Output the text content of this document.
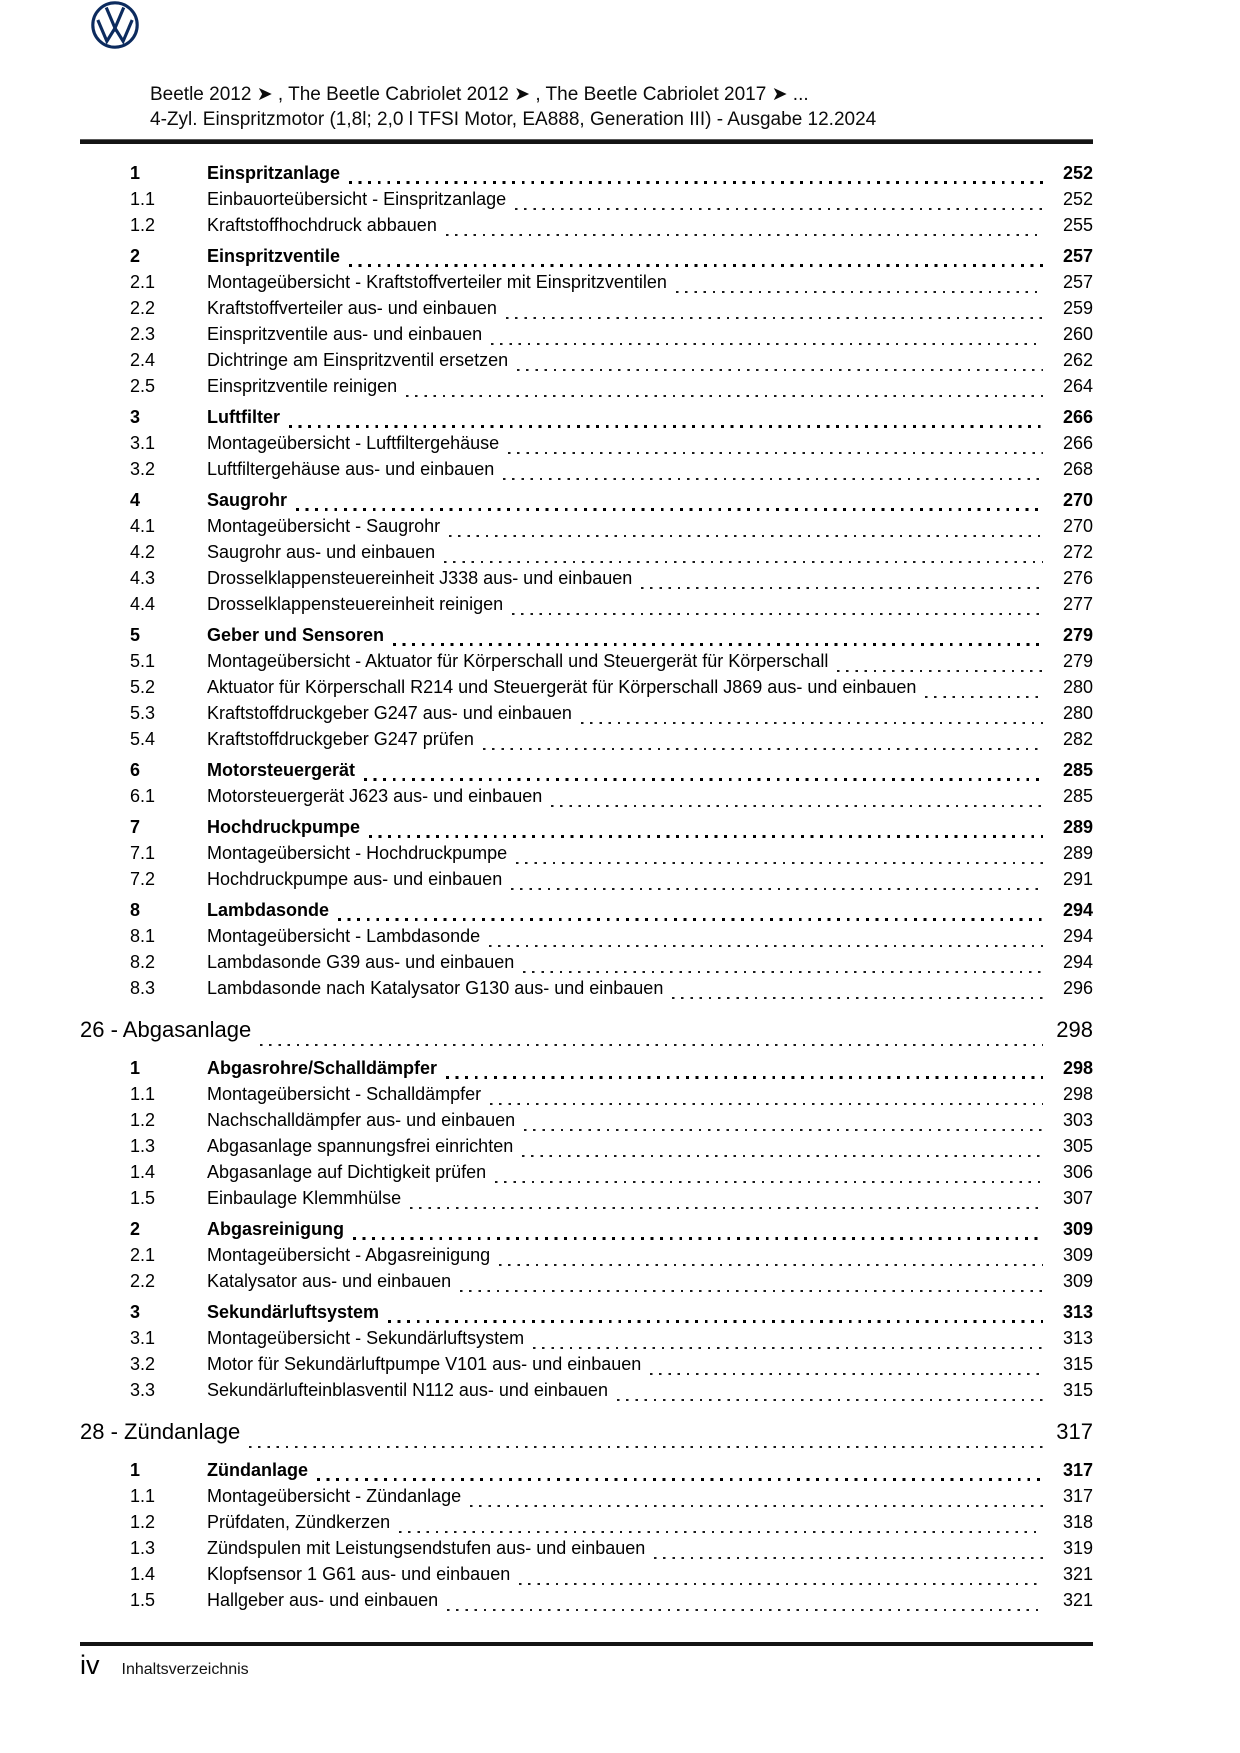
Beetle 2012 ➤ , The Beetle Cabriolet 2012 ➤ , The Beetle Cabriolet 2017 ➤ ...
4-Zyl. Einspritzmotor (1,8l; 2,0 l TFSI Motor, EA888, Generation III) - Ausgabe 12.2024
1	Einspritzanlage	252
1.1	Einbauorteübersicht - Einspritzanlage	252
1.2	Kraftstoffhochdruck abbauen	255
2	Einspritzventile	257
2.1	Montageübersicht - Kraftstoffverteiler mit Einspritzventilen	257
2.2	Kraftstoffverteiler aus- und einbauen	259
2.3	Einspritzventile aus- und einbauen	260
2.4	Dichtringe am Einspritzventil ersetzen	262
2.5	Einspritzventile reinigen	264
3	Luftfilter	266
3.1	Montageübersicht - Luftfiltergehäuse	266
3.2	Luftfiltergehäuse aus- und einbauen	268
4	Saugrohr	270
4.1	Montageübersicht - Saugrohr	270
4.2	Saugrohr aus- und einbauen	272
4.3	Drosselklappensteuereinheit J338 aus- und einbauen	276
4.4	Drosselklappensteuereinheit reinigen	277
5	Geber und Sensoren	279
5.1	Montageübersicht - Aktuator für Körperschall und Steuergerät für Körperschall	279
5.2	Aktuator für Körperschall R214 und Steuergerät für Körperschall J869 aus- und einbauen	280
5.3	Kraftstoffdruckgeber G247 aus- und einbauen	280
5.4	Kraftstoffdruckgeber G247 prüfen	282
6	Motorsteuergerät	285
6.1	Motorsteuergerät J623 aus- und einbauen	285
7	Hochdruckpumpe	289
7.1	Montageübersicht - Hochdruckpumpe	289
7.2	Hochdruckpumpe aus- und einbauen	291
8	Lambdasonde	294
8.1	Montageübersicht - Lambdasonde	294
8.2	Lambdasonde G39 aus- und einbauen	294
8.3	Lambdasonde nach Katalysator G130 aus- und einbauen	296
26 - Abgasanlage	298
1	Abgasrohre/Schalldämpfer	298
1.1	Montageübersicht - Schalldämpfer	298
1.2	Nachschalldämpfer aus- und einbauen	303
1.3	Abgasanlage spannungsfrei einrichten	305
1.4	Abgasanlage auf Dichtigkeit prüfen	306
1.5	Einbaulage Klemmhülse	307
2	Abgasreinigung	309
2.1	Montageübersicht - Abgasreinigung	309
2.2	Katalysator aus- und einbauen	309
3	Sekundärluftsystem	313
3.1	Montageübersicht - Sekundärluftsystem	313
3.2	Motor für Sekundärluftpumpe V101 aus- und einbauen	315
3.3	Sekundärlufteinblasventil N112 aus- und einbauen	315
28 - Zündanlage	317
1	Zündanlage	317
1.1	Montageübersicht - Zündanlage	317
1.2	Prüfdaten, Zündkerzen	318
1.3	Zündspulen mit Leistungsendstufen aus- und einbauen	319
1.4	Klopfsensor 1 G61 aus- und einbauen	321
1.5	Hallgeber aus- und einbauen	321
iv Inhaltsverzeichnis
